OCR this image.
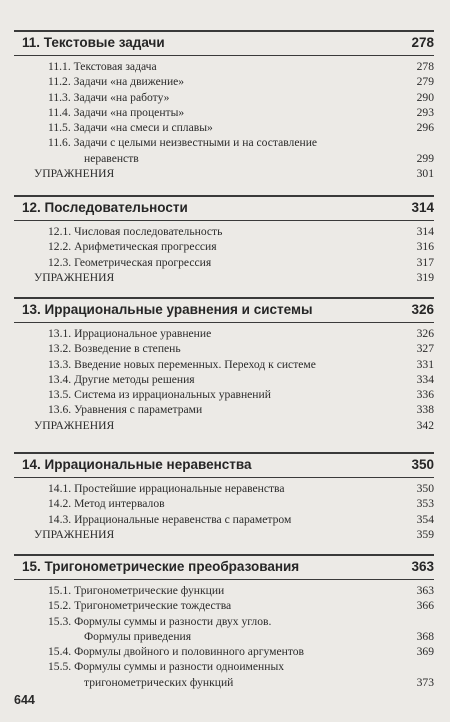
11. Текстовые задачи	278
11.1. Текстовая задача	278
11.2. Задачи «на движение»	279
11.3. Задачи «на работу»	290
11.4. Задачи «на проценты»	293
11.5. Задачи «на смеси и сплавы»	296
11.6. Задачи с целыми неизвестными и на составление
неравенств	299
УПРАЖНЕНИЯ	301
12. Последовательности	314
12.1. Числовая последовательность	314
12.2. Арифметическая прогрессия	316
12.3. Геометрическая прогрессия	317
УПРАЖНЕНИЯ	319
13. Иррациональные уравнения и системы	326
13.1. Иррациональное уравнение	326
13.2. Возведение в степень	327
13.3. Введение новых переменных. Переход к системе	331
13.4. Другие методы решения	334
13.5. Система из иррациональных уравнений	336
13.6. Уравнения с параметрами	338
УПРАЖНЕНИЯ	342
14. Иррациональные неравенства	350
14.1. Простейшие иррациональные неравенства	350
14.2. Метод интервалов	353
14.3. Иррациональные неравенства с параметром	354
УПРАЖНЕНИЯ	359
15. Тригонометрические преобразования	363
15.1. Тригонометрические функции	363
15.2. Тригонометрические тождества	366
15.3. Формулы суммы и разности двух углов.
Формулы приведения	368
15.4. Формулы двойного и половинного аргументов	369
15.5. Формулы суммы и разности одноименных
тригонометрических функций	373
644
